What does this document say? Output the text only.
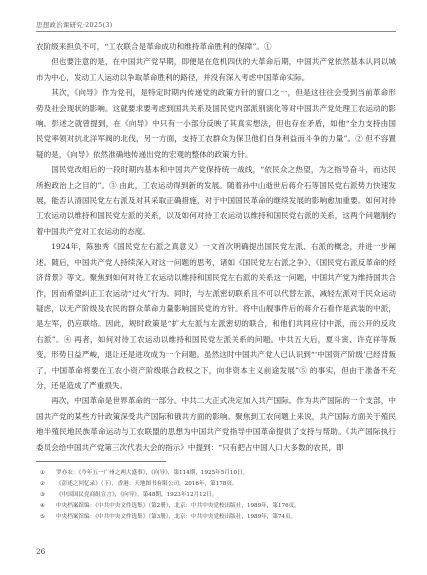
思想政治课研究·2025(3)

农阶级来担负不可，“工农联合是革命成功和维持革命胜利的保障”。①

但也要注意的是，在中国共产党早期，即便是在危机四伏的大革命后期，中国共产党依然基本认同以城市为中心，发动工人运动以争取革命胜利的路径，并没有深入考虑中国革命实际。

其次，《向导》作为党刊，是特定时期内传递党的政策方针的窗口之一，但是这往往会受到当前革命形势及社会现状的影响。这就要求要考虑到国共关系及国民党内部派别演化等对中国共产党处理工农运动的影响。彭述之就曾提到，在《向导》中只有一小部分反映了其真实想法，但也存在矛盾，如他“全力支持由国民党率领对抗北洋军阀的北伐，另一方面，支持工农群众为保卫他们自身利益而斗争的力量”。② 但不容置疑的是，《向导》依然准确地传递出党的宏观的整体的政策方针。

国民党改组后的一段时期内基本和中国共产党保持统一战线，“依民众之热望，为之指导奋斗，而达民所抱政治上之目的”。③ 由此，工农运动得到新的发展。随着孙中山逝世后蒋介石等国民党右派势力快速发展，能否认清国民党左右派及对其采取正确措施，对于中国国民革命的继续发展的影响愈加重要。如何对待工农运动以维持和国民党左派的关系，以及如何对待工农运动以维持和国民党右派的关系，这两个问题制约着中国共产党对工农运动的态度。

1924年，陈独秀《国民党左右派之真意义》一文首次明确提出国民党左派、右派的概念，并进一步阐述。随后，中国共产党人持续深入对这一问题的思考，诸如《国民党左右派之争》、《国民党右派反革命的经济背景》等文。聚焦到如何对待工农运动以维持和国民党左右派的关系这一问题，中国共产党为维持国共合作，因而希望纠正工农运动“过火”行为。同时，与左派密切联系且不可以代替左派，减轻左派对于民众运动疑虑，以无产阶级及农民的群众革命力量影响国民党的方针。将中山舰事件后的蒋介石看作是武装的中派，是左军，仍应联络。因此，规时政策是“扩大左派与左派密切的联合，和他们共同应付中派，而公开的反攻右派”。④ 再者，如何对待工农运动以维持和国民党左派关系的问题。中共五大后，夏斗寅、许克祥等叛变，形势日益严峻，退让还是进攻成为一个问题。虽然这时中国共产党人已认识到“‘中国资产阶级’已经背叛了，中国革命将要在工农小资产阶级联合政权之下，向非资本主义前途发展”⑤ 的事实，但由于准备不充分，还是造成了严重损失。

再次，中国革命是世界革命的一部分。中共二大正式决定加入共产国际。作为共产国际的一个支部，中国共产党的某些方针政策深受共产国际和俄共方面的影响。聚焦到工农问题上来说，共产国际方面关于殖民地半殖民地民族革命运动与工农联盟的思想为中国共产党指导中国革命提供了支持与帮助。《共产国际执行委员会给中国共产党第三次代表大会的指示》中提到：“只有把占中国人口大多数的农民，即

① 罗亦农：《今年五一广州之两大盛事》，《向导》，第114期，1925年5月10日。

② 《彭述之回忆录》（下），香港：天地图书有限公司，2016年，第178页。

③ 《中国国民党商组宣言》，《向导》，第48期，1923年12月12日。

④ 中央档案馆编：《中共中央文件选集》（第2册），北京：中共中央党校出版社，1989年，第176页。

⑤ 中央档案馆编：《中共中央文件选集》（第3册），北京：中共中央党校出版社，1989年，第74页。

26
